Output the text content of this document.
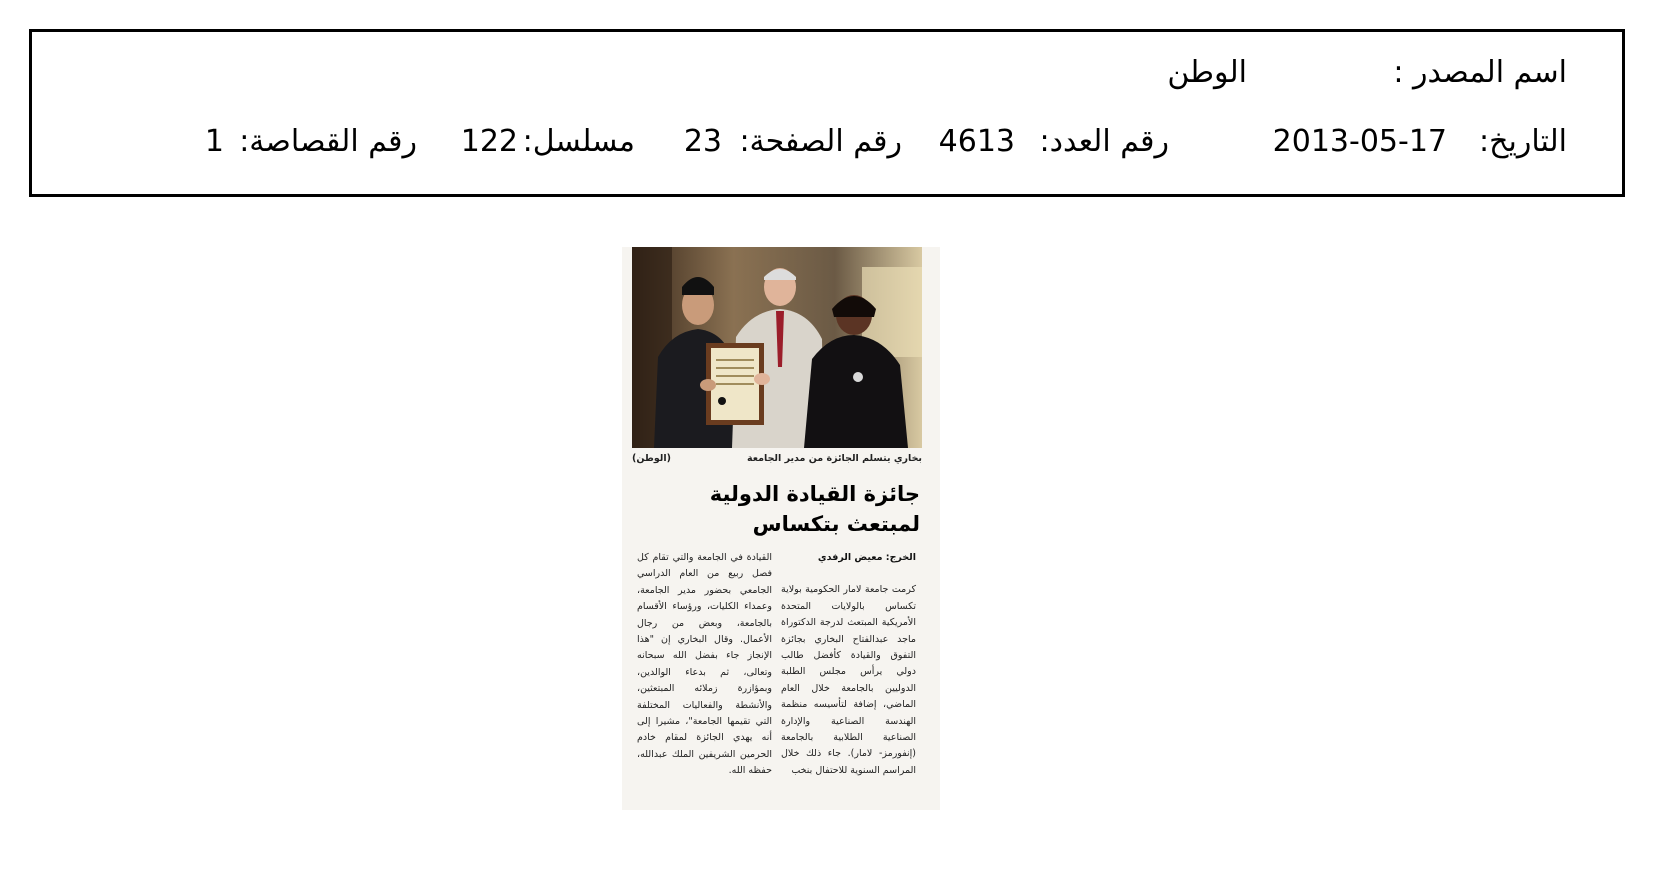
اسم المصدر :
الوطن
التاريخ:
2013-05-17
رقم العدد:
4613
رقم الصفحة:
23
مسلسل:
122
رقم القصاصة:
1
بخاري يتسلم الجائزة من مدير الجامعة
(الوطن)
جائزة القيادة الدولية
لمبتعث بتكساس
الخرج: معيض الرفدي
كرمت جامعة لامار الحكومية بولاية تكساس بالولايات المتحدة الأمريكية المبتعث لدرجة الدكتوراة ماجد عبدالفتاح البخاري بجائزة التفوق والقيادة كأفضل طالب دولي يرأس مجلس الطلبة الدوليين بالجامعة خلال العام الماضي، إضافة لتأسيسه منظمة الهندسة الصناعية والإدارة الصناعية الطلابية بالجامعة (إنفورمز- لامار). جاء ذلك خلال المراسم السنوية للاحتفال بنخب
القيادة في الجامعة والتي تقام كل فصل ربيع من العام الدراسي الجامعي بحضور مدير الجامعة، وعمداء الكليات، ورؤساء الأقسام بالجامعة، وبعض من رجال الأعمال. وقال البخاري إن "هذا الإنجاز جاء بفضل الله سبحانه وتعالى، ثم بدعاء الوالدين، وبمؤازرة زملائه المبتعثين، والأنشطة والفعاليات المختلفة التي تقيمها الجامعة"، مشيرا إلى أنه يهدي الجائزة لمقام خادم الحرمين الشريفين الملك عبدالله، حفظه الله.
